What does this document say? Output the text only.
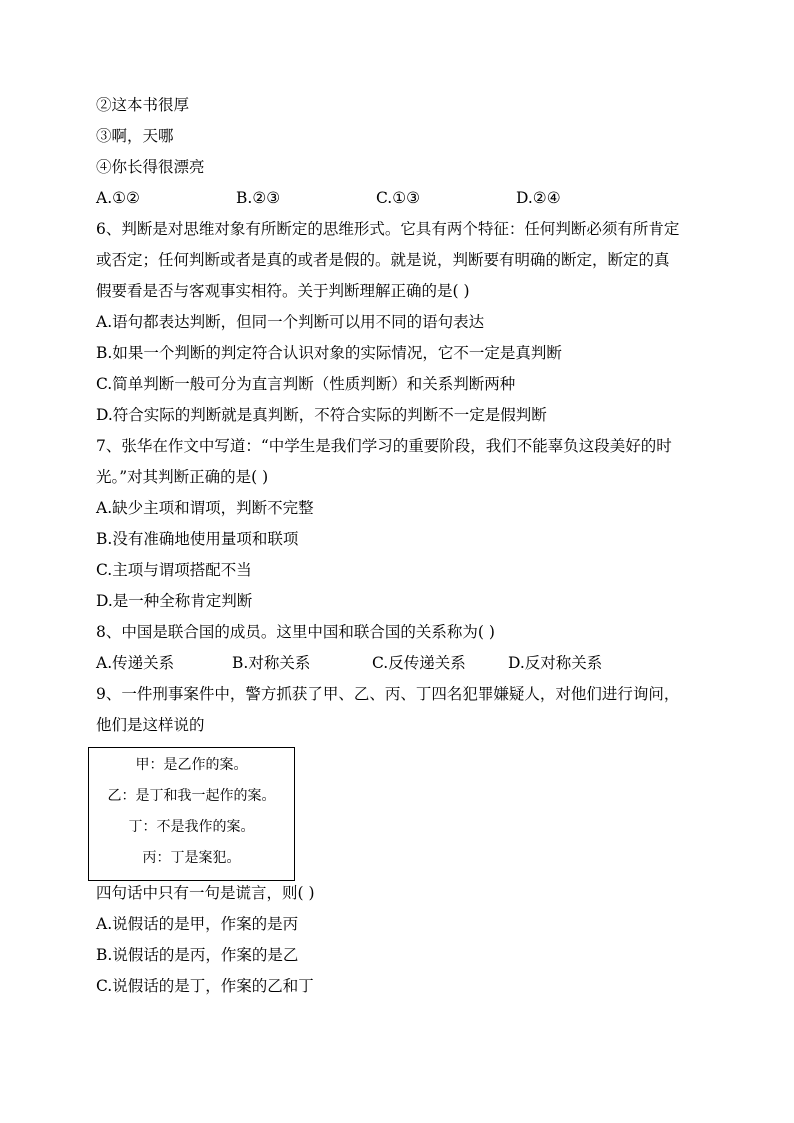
②这本书很厚
③啊，天哪
④你长得很漂亮
A.①②	B.②③	C.①③	D.②④
6、判断是对思维对象有所断定的思维形式。它具有两个特征：任何判断必须有所肯定
或否定；任何判断或者是真的或者是假的。就是说，判断要有明确的断定，断定的真
假要看是否与客观事实相符。关于判断理解正确的是( )
A.语句都表达判断，但同一个判断可以用不同的语句表达
B.如果一个判断的判定符合认识对象的实际情况，它不一定是真判断
C.简单判断一般可分为直言判断（性质判断）和关系判断两种
D.符合实际的判断就是真判断，不符合实际的判断不一定是假判断
7、张华在作文中写道：“中学生是我们学习的重要阶段，我们不能辜负这段美好的时
光。”对其判断正确的是( )
A.缺少主项和谓项，判断不完整
B.没有准确地使用量项和联项
C.主项与谓项搭配不当
D.是一种全称肯定判断
8、中国是联合国的成员。这里中国和联合国的关系称为( )
A.传递关系	B.对称关系	C.反传递关系	D.反对称关系
9、一件刑事案件中，警方抓获了甲、乙、丙、丁四名犯罪嫌疑人，对他们进行询问，
他们是这样说的
甲：是乙作的案。
乙：是丁和我一起作的案。
丁：不是我作的案。
丙：丁是案犯。
四句话中只有一句是谎言，则( )
A.说假话的是甲，作案的是丙
B.说假话的是丙，作案的是乙
C.说假话的是丁，作案的乙和丁
